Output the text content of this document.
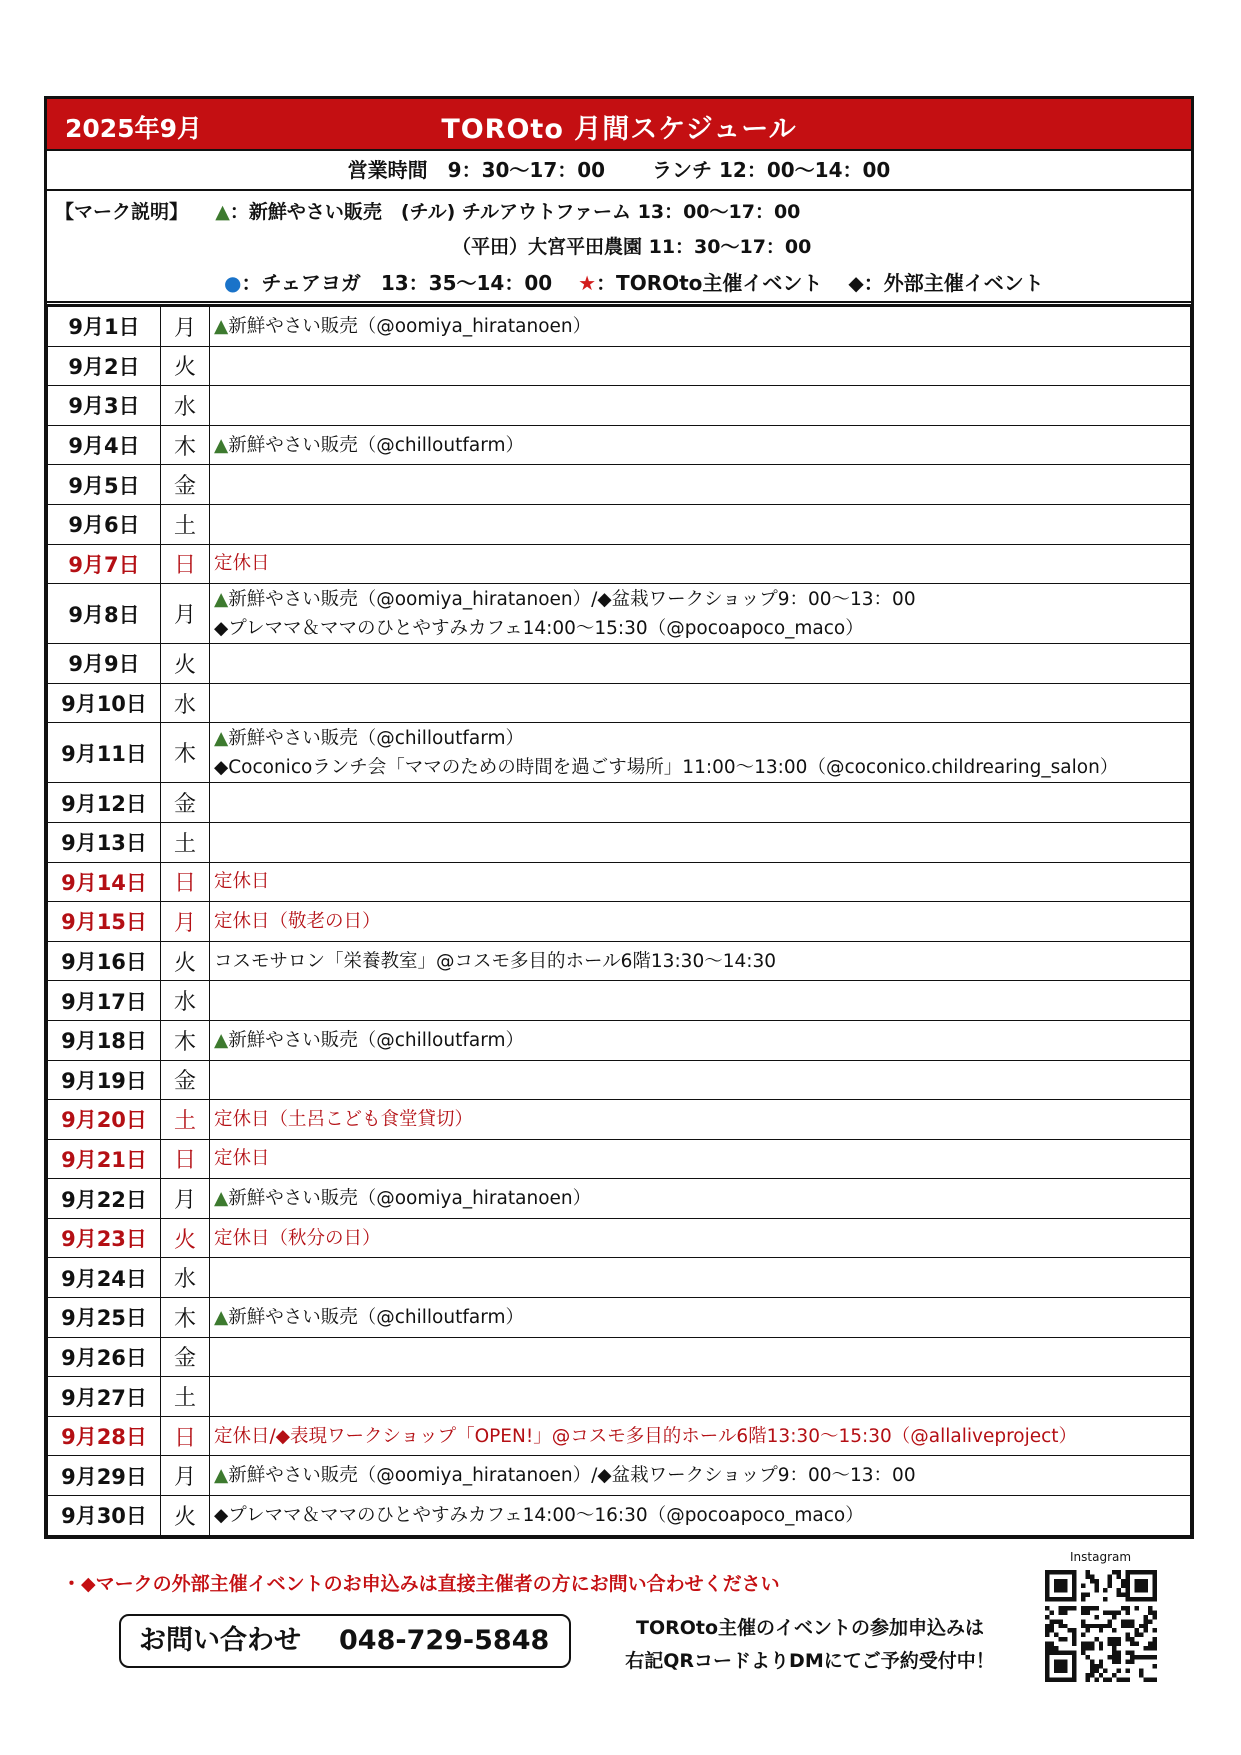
2025年9月	TOROto 月間スケジュール
営業時間　9：30～17：00 ランチ 12：00～14：00
【マーク説明】 ▲：新鮮やさい販売　(チル) チルアウトファーム 13：00～17：00
（平田）大宮平田農園 11：30～17：00
●：チェアヨガ　13：35～14：00 ★：TOROto主催イベント ◆：外部主催イベント
9月1日	月	▲新鮮やさい販売（@oomiya_hiratanoen）

9月2日	火	
9月3日	水	
9月4日	木	▲新鮮やさい販売（@chilloutfarm）

9月5日	金	
9月6日	土	
9月7日	日	定休日

9月8日	月	▲新鮮やさい販売（@oomiya_hiratanoen）/◆盆栽ワークショップ9：00～13：00
◆プレママ＆ママのひとやすみカフェ14:00～15:30（@pocoapoco_maco）

9月9日	火	
9月10日	水	
9月11日	木	▲新鮮やさい販売（@chilloutfarm）
◆Coconicoランチ会「ママのための時間を過ごす場所」11:00～13:00（@coconico.childrearing_salon）

9月12日	金	
9月13日	土	
9月14日	日	定休日

9月15日	月	定休日（敬老の日）

9月16日	火	コスモサロン「栄養教室」@コスモ多目的ホール6階13:30～14:30

9月17日	水	
9月18日	木	▲新鮮やさい販売（@chilloutfarm）

9月19日	金	
9月20日	土	定休日（土呂こども食堂貸切）

9月21日	日	定休日

9月22日	月	▲新鮮やさい販売（@oomiya_hiratanoen）

9月23日	火	定休日（秋分の日）

9月24日	水	
9月25日	木	▲新鮮やさい販売（@chilloutfarm）

9月26日	金	
9月27日	土	
9月28日	日	定休日/◆表現ワークショップ「OPEN!」@コスモ多目的ホール6階13:30～15:30（@allaliveproject）

9月29日	月	▲新鮮やさい販売（@oomiya_hiratanoen）/◆盆栽ワークショップ9：00～13：00

9月30日	火	◆プレママ＆ママのひとやすみカフェ14:00～16:30（@pocoapoco_maco）
・◆マークの外部主催イベントのお申込みは直接主催者の方にお問い合わせください
お問い合わせ 048-729-5848	TOROto主催のイベントの参加申込みは
右記QRコードよりDMにてご予約受付中！
Instagram
